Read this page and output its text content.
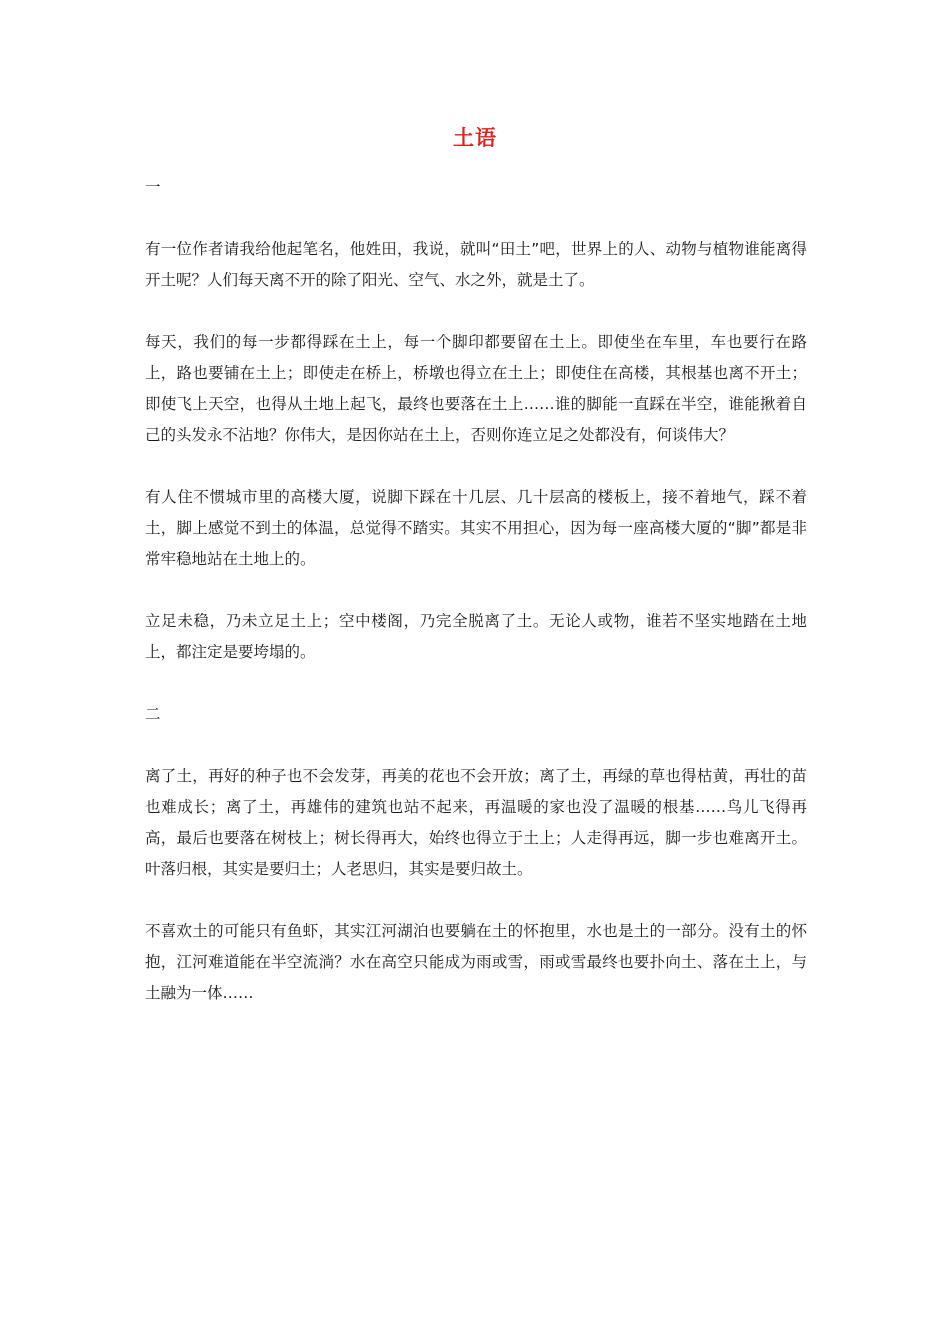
土语

一

有一位作者请我给他起笔名，他姓田，我说，就叫“田土”吧，世界上的人、动物与植物谁能离得开土呢？人们每天离不开的除了阳光、空气、水之外，就是土了。

每天，我们的每一步都得踩在土上，每一个脚印都要留在土上。即使坐在车里，车也要行在路上，路也要铺在土上；即使走在桥上，桥墩也得立在土上；即使住在高楼，其根基也离不开土；即使飞上天空，也得从土地上起飞，最终也要落在土上……谁的脚能一直踩在半空，谁能揪着自己的头发永不沾地？你伟大，是因你站在土上，否则你连立足之处都没有，何谈伟大？

有人住不惯城市里的高楼大厦，说脚下踩在十几层、几十层高的楼板上，接不着地气，踩不着土，脚上感觉不到土的体温，总觉得不踏实。其实不用担心，因为每一座高楼大厦的“脚”都是非常牢稳地站在土地上的。

立足未稳，乃未立足土上；空中楼阁，乃完全脱离了土。无论人或物，谁若不坚实地踏在土地上，都注定是要垮塌的。

二

离了土，再好的种子也不会发芽，再美的花也不会开放；离了土，再绿的草也得枯黄，再壮的苗也难成长；离了土，再雄伟的建筑也站不起来，再温暖的家也没了温暖的根基……鸟儿飞得再高，最后也要落在树枝上；树长得再大，始终也得立于土上；人走得再远，脚一步也难离开土。叶落归根，其实是要归土；人老思归，其实是要归故土。

不喜欢土的可能只有鱼虾，其实江河湖泊也要躺在土的怀抱里，水也是土的一部分。没有土的怀抱，江河难道能在半空流淌？水在高空只能成为雨或雪，雨或雪最终也要扑向土、落在土上，与土融为一体……
